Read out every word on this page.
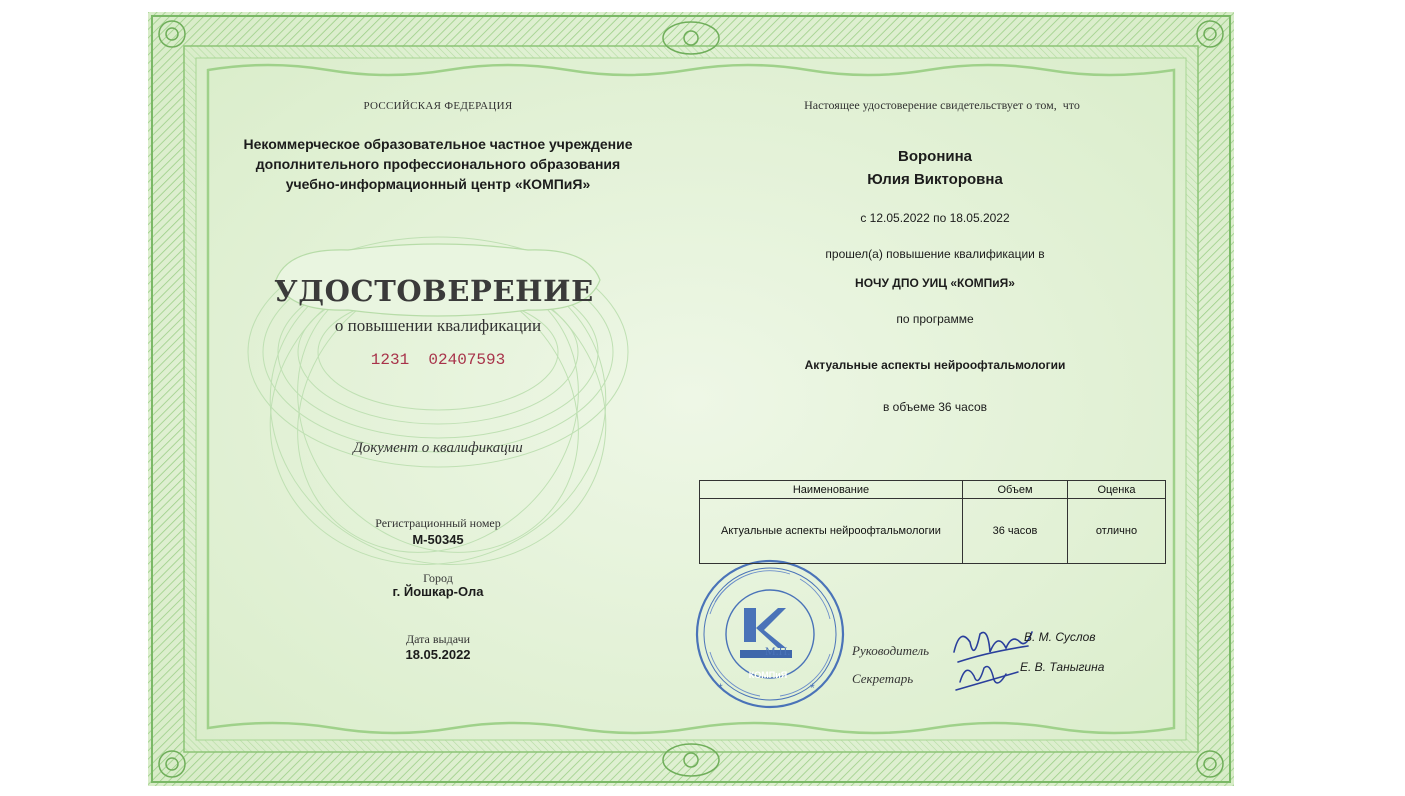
*	*
РОССИЙСКАЯ ФЕДЕРАЦИЯ
Некоммерческое образовательное частное учреждение
дополнительного профессионального образования
учебно-информационный центр «КОМПиЯ»
УДОСТОВЕРЕНИЕ
о повышении квалификации
1231  02407593
Документ о квалификации
Регистрационный номер
М-50345
Город
г. Йошкар-Ола
Дата выдачи
18.05.2022
Настоящее удостоверение свидетельствует о том,  что
Воронина
Юлия Викторовна
с 12.05.2022 по 18.05.2022
прошел(а) повышение квалификации в
НОЧУ ДПО УИЦ «КОМПиЯ»
по программе
Актуальные аспекты нейроофтальмологии
в объеме 36 часов
Наименование	Объем	Оценка
Актуальные аспекты нейроофтальмологии	36 часов	отлично
М.П.
КОМПиЯ
Руководитель
В. М. Суслов
Секретарь
Е. В. Таныгина
